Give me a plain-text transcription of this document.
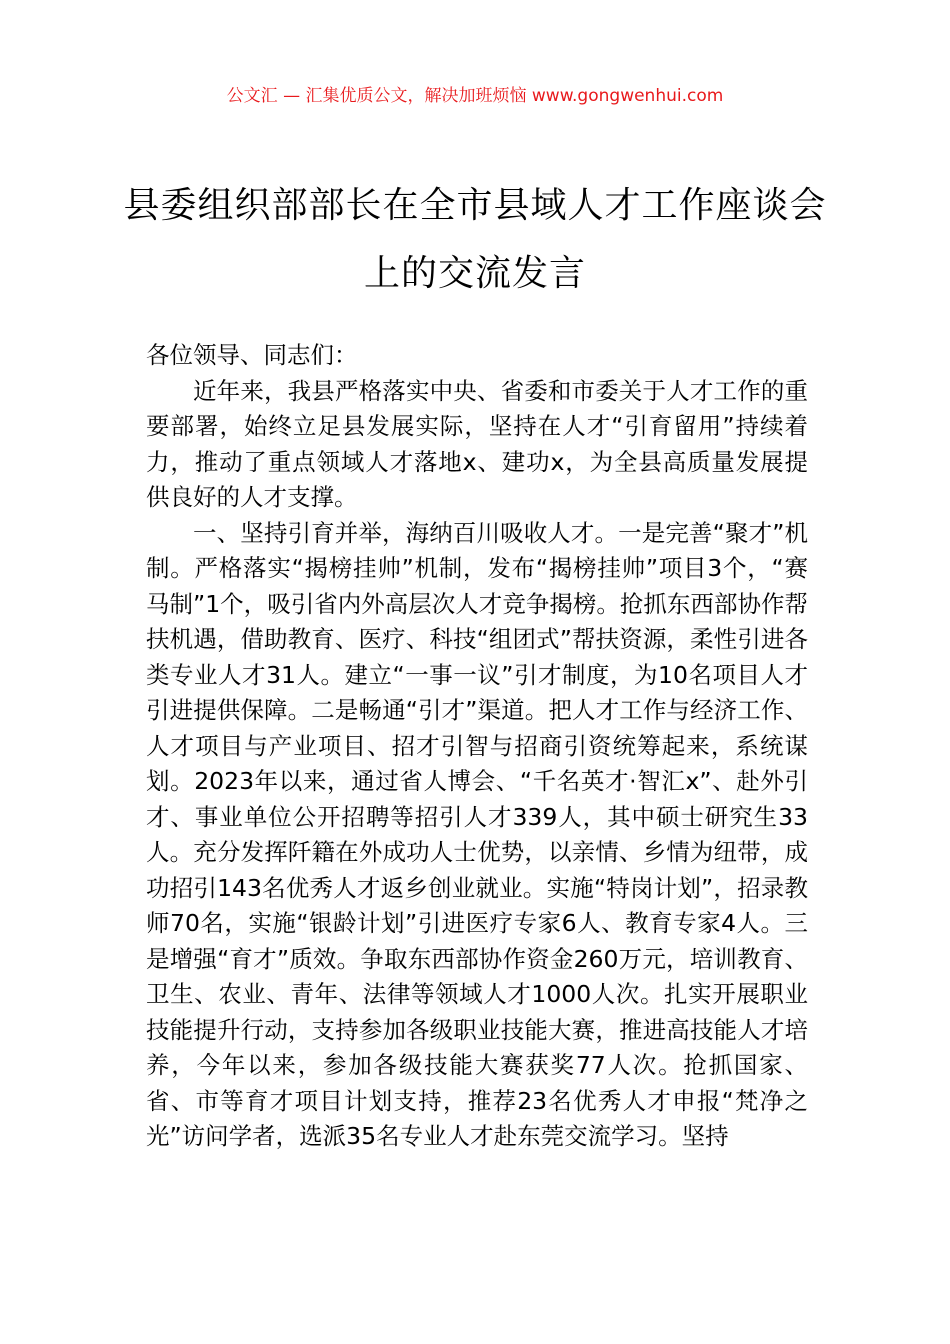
公文汇 — 汇集优质公文，解决加班烦恼 www.gongwenhui.com
县委组织部部长在全市县域人才工作座谈会上的交流发言

各位领导、同志们：

近年来，我县严格落实中央、省委和市委关于人才工作的重要部署，始终立足县发展实际，坚持在人才“引育留用”持续着力，推动了重点领域人才落地x、建功x，为全县高质量发展提供良好的人才支撑。

一、坚持引育并举，海纳百川吸收人才。一是完善“聚才”机制。严格落实“揭榜挂帅”机制，发布“揭榜挂帅”项目3个，“赛马制”1个，吸引省内外高层次人才竞争揭榜。抢抓东西部协作帮扶机遇，借助教育、医疗、科技“组团式”帮扶资源，柔性引进各类专业人才31人。建立“一事一议”引才制度，为10名项目人才引进提供保障。二是畅通“引才”渠道。把人才工作与经济工作、人才项目与产业项目、招才引智与招商引资统筹起来，系统谋划。2023年以来，通过省人博会、“千名英才·智汇x”、赴外引才、事业单位公开招聘等招引人才339人，其中硕士研究生33人。充分发挥阡籍在外成功人士优势，以亲情、乡情为纽带，成功招引143名优秀人才返乡创业就业。实施“特岗计划”，招录教师70名，实施“银龄计划”引进医疗专家6人、教育专家4人。三是增强“育才”质效。争取东西部协作资金260万元，培训教育、卫生、农业、青年、法律等领域人才1000人次。扎实开展职业技能提升行动，支持参加各级职业技能大赛，推进高技能人才培养，今年以来，参加各级技能大赛获奖77人次。抢抓国家、省、市等育才项目计划支持，推荐23名优秀人才申报“梵净之光”访问学者，选派35名专业人才赴东莞交流学习。坚持
